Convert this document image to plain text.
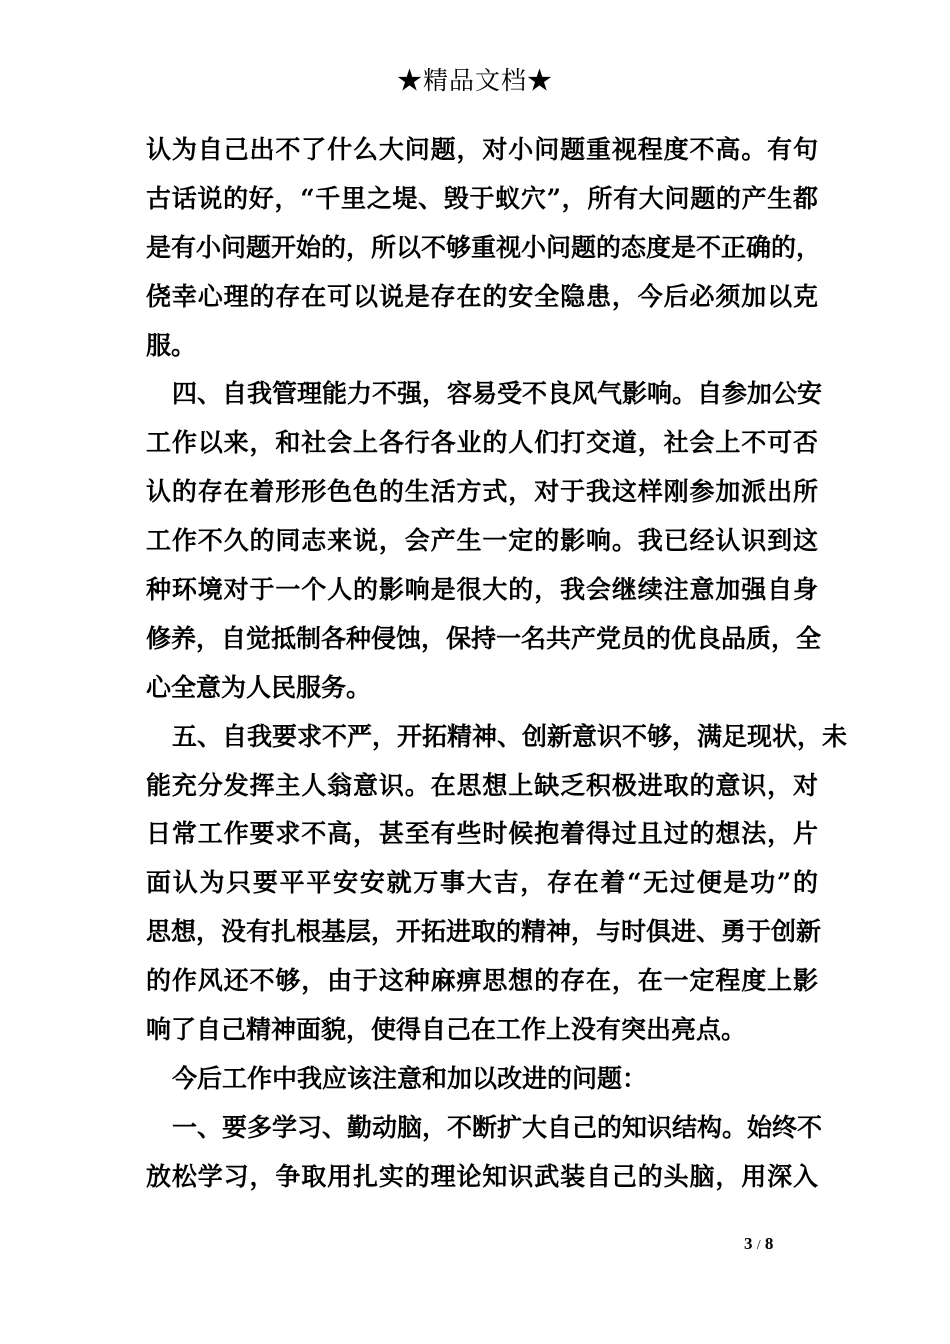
★精品文档★
认为自己出不了什么大问题，对小问题重视程度不高。有句
古话说的好，“千里之堤、毁于蚁穴”，所有大问题的产生都
是有小问题开始的，所以不够重视小问题的态度是不正确的，
侥幸心理的存在可以说是存在的安全隐患，今后必须加以克
服。
四、自我管理能力不强，容易受不良风气影响。自参加公安
工作以来，和社会上各行各业的人们打交道，社会上不可否
认的存在着形形色色的生活方式，对于我这样刚参加派出所
工作不久的同志来说，会产生一定的影响。我已经认识到这
种环境对于一个人的影响是很大的，我会继续注意加强自身
修养，自觉抵制各种侵蚀，保持一名共产党员的优良品质，全
心全意为人民服务。
五、自我要求不严，开拓精神、创新意识不够，满足现状，未
能充分发挥主人翁意识。在思想上缺乏积极进取的意识，对
日常工作要求不高，甚至有些时候抱着得过且过的想法，片
面认为只要平平安安就万事大吉，存在着“无过便是功”的
思想，没有扎根基层，开拓进取的精神，与时俱进、勇于创新
的作风还不够，由于这种麻痹思想的存在，在一定程度上影
响了自己精神面貌，使得自己在工作上没有突出亮点。
今后工作中我应该注意和加以改进的问题：
一、要多学习、勤动脑，不断扩大自己的知识结构。始终不
放松学习，争取用扎实的理论知识武装自己的头脑，用深入
3 / 8
